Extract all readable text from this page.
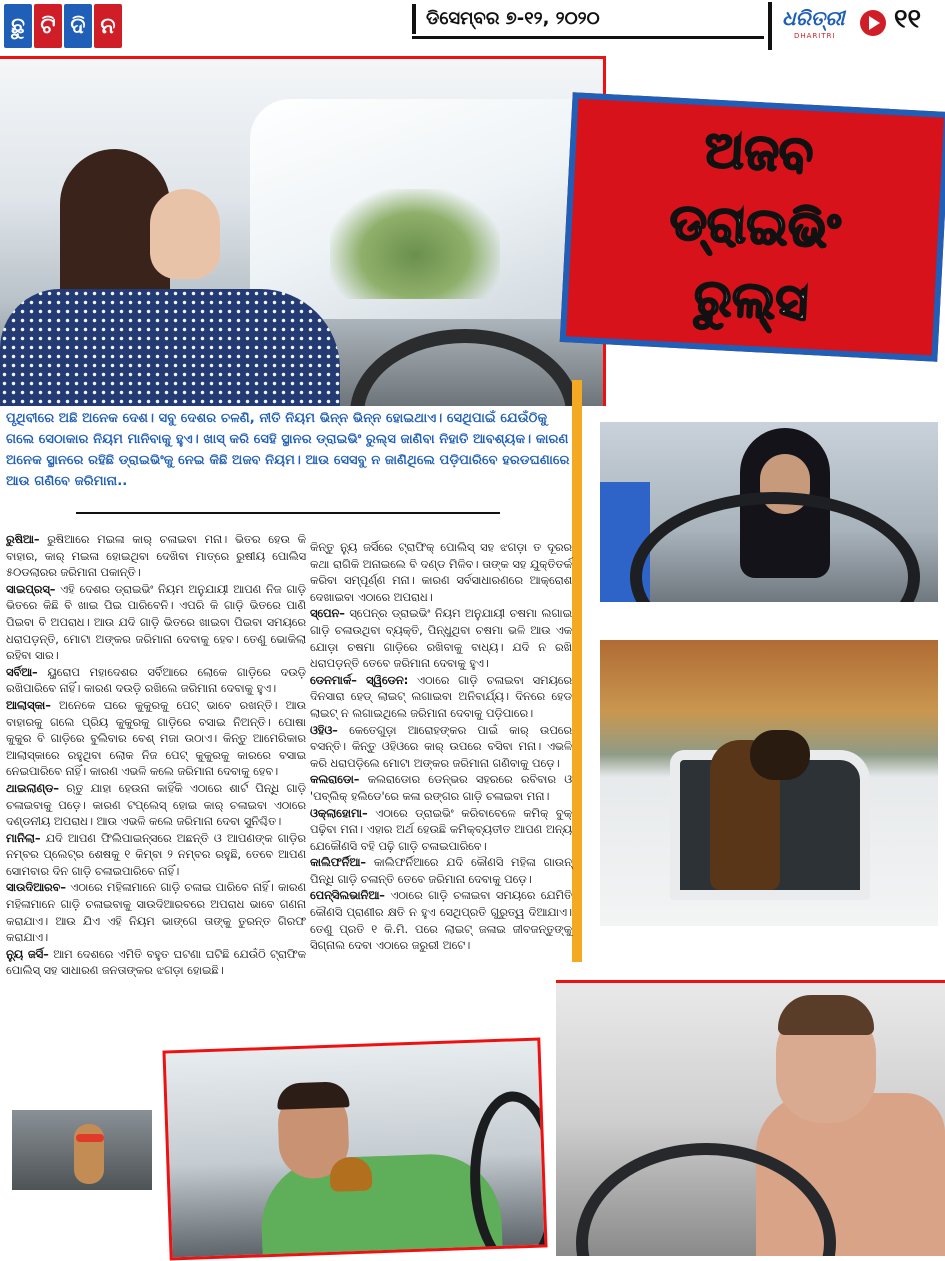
ଛୁ ଟି ଦି ନ	ଡିସେମ୍ବର ୭-୧୨, ୨୦୨୦	ଧରିତ୍ରୀ
DHARITRI
୧୧
ଅଜବ
ଡ୍ରାଇଭିଂ
ରୁଲ୍ସ
ପୃଥିବୀରେ ଅଛି ଅନେକ ଦେଶ। ସବୁ ଦେଶର ଚଳଣି, ନୀତି ନିୟମ ଭିନ୍ନ ଭିନ୍ନ ହୋଇଥାଏ। ସେଥିପାଇଁ ଯେଉଁଠିକୁ ଗଲେ ସେଠାକାର ନିୟମ ମାନିବାକୁ ହୁଏ। ଖାସ୍ କରି ସେହି ସ୍ଥାନର ଡ୍ରାଇଭିଂ ରୁଲ୍ସ ଜାଣିବା ନିହାତି ଆବଶ୍ୟକ। କାରଣ ଅନେକ ସ୍ଥାନରେ ରହିଛି ଡ୍ରାଇଭିଂକୁ ନେଇ କିଛି ଅଜବ ନିୟମ। ଆଉ ସେସବୁ ନ ଜାଣିଥିଲେ ପଡ଼ିପାରିବେ ହରଡଘଣାରେ ଆଉ ଗଣିବେ ଜରିମାନା..

ରୁଷିଆ– ରୁଷିଆରେ ମଇଳା କାର୍ ଚଳାଇବା ମନା। ଭିତର ହେଉ କି ବାହାର, କାର୍ ମଇଳା ହୋଇଥିବା ଦେଖିବା ମାତ୍ରେ ରୁଷୀୟ ପୋଲିସ ୫୦ଡଲାରର ଜରିମାନା ପକାନ୍ତି।

ସାଇପ୍ରସ୍– ଏହି ଦେଶର ଡ୍ରାଇଭିଂ ନିୟମ ଅନୁଯାୟୀ ଆପଣ ନିଜ ଗାଡ଼ି ଭିତରେ କିଛି ବି ଖାଇ ପିଇ ପାରିବେନି। ଏପରି କି ଗାଡ଼ି ଭିତରେ ପାଣି ପିଇବା ବି ଅପରାଧ। ଆଉ ଯଦି ଗାଡ଼ି ଭିତରେ ଖାଇବା ପିଇବା ସମୟରେ ଧରାପଡ଼ନ୍ତି, ମୋଟା ଅଙ୍କର ଜରିମାନା ଦେବାକୁ ହେବ। ତେଣୁ ଭୋକିଲା ରହିବା ସାର।

ସର୍ବିଆ– ୟୁରୋପ ମହାଦେଶର ସର୍ବିଆରେ ଲୋକେ ଗାଡ଼ିରେ ଦଉଡ଼ି ରଖିପାରିବେ ନାହିଁ। କାରଣ ଦଉଡ଼ି ରଖିଲେ ଜରିମାନା ଦେବାକୁ ହୁଏ।

ଆଲାସ୍କା– ଅନେକେ ଘରେ କୁକୁରକୁ ପେଟ୍ ଭାବେ ରଖନ୍ତି। ଆଉ ବାହାରକୁ ଗଲେ ପ୍ରିୟ କୁକୁରକୁ ଗାଡ଼ିରେ ବସାଇ ନିଅନ୍ତି। ପୋଷା କୁକୁର ବି ଗାଡ଼ିରେ ବୁଲିବାର ବେଶ୍ ମଜା ଉଠାଏ। କିନ୍ତୁ ଆମେରିକାର ଆଲାସ୍କାରେ ରହୁଥିବା ଲୋକ ନିଜ ପେଟ୍ କୁକୁରକୁ କାରରେ ବସାଇ ନେଇପାରିବେ ନାହିଁ। କାରଣ ଏଭଳି କଲେ ଜରିମାନା ଦେବାକୁ ହେବ।

ଥାଇଲାଣ୍ଡ– ଋତୁ ଯାହା ହେଉନା କାହିଁକି ଏଠାରେ ଶାର୍ଟ ପିନ୍ଧି ଗାଡ଼ି ଚଳାଇବାକୁ ପଡ଼େ। କାରଣ ଟପ୍‌ଲେସ୍ ହୋଇ କାର୍ ଚଳାଇବା ଏଠାରେ ଦଣ୍ଡନୀୟ ଅପରାଧ। ଆଉ ଏଭଳି କଲେ ଜରିମାନା ଦେବା ସୁନିଶ୍ଚିତ।

ମାନିଲା– ଯଦି ଆପଣ ଫିଲିପାଇନ୍ସରେ ଅଛନ୍ତି ଓ ଆପଣଙ୍କ ଗାଡ଼ିର ନମ୍ବର ପ୍ଲେଟ୍‌ର ଶେଷକୁ ୧ କିମ୍ବା ୨ ନମ୍ବର ରହୁଛି, ତେବେ ଆପଣ ସୋମବାର ଦିନ ଗାଡ଼ି ଚଳାଇପାରିବେ ନାହିଁ।

ସାଉଦିଆରବ– ଏଠାରେ ମହିଳାମାନେ ଗାଡ଼ି ଚଳାଇ ପାରିବେ ନାହିଁ। କାରଣ ମହିଳାମାନେ ଗାଡ଼ି ଚଳାଇବାକୁ ସାଉଦିଆରବରେ ଅପରାଧ ଭାବେ ଗଣନା କରାଯାଏ। ଆଉ ଯିଏ ଏହି ନିୟମ ଭାଙ୍ଗେ ତାଙ୍କୁ ତୁରନ୍ତ ଗିରଫ କରାଯାଏ।

ନ୍ୟୁ ଜର୍ସି– ଆମ ଦେଶରେ ଏମିତି ବହୁତ ଘଟଣା ଘଟିଛି ଯେଉଁଠି ଟ୍ରାଫିକ ପୋଲିସ୍ ସହ ସାଧାରଣ ଜନତାଙ୍କର ଝଗଡ଼ା ହୋଇଛି।

କିନ୍ତୁ ନ୍ୟୁ ଜର୍ସିରେ ଟ୍ରାଫିକ୍ ପୋଲିସ୍ ସହ ଝଗଡ଼ା ତ ଦୂରର କଥା ରାଗିକି ଅନାଇଲେ ବି ଦଣ୍ଡ ମିଳିବ। ତାଙ୍କ ସହ ଯୁକ୍ତିତର୍କ କରିବା ସମ୍ପୂର୍ଣ୍ଣ ମନା। କାରଣ ସର୍ବସାଧାରଣରେ ଆକ୍ରୋଶ ଦେଖାଇବା ଏଠାରେ ଅପରାଧ।

ସ୍ପେନ– ସ୍ପେନ୍‌ର ଡ୍ରାଇଭିଂ ନିୟମ ଅନୁଯାୟୀ ଚଷମା ଲଗାଇ ଗାଡ଼ି ଚଳାଉଥିବା ବ୍ୟକ୍ତି, ପିନ୍ଧୁଥିବା ଚଷମା ଭଳି ଆଉ ଏକ ଯୋଡ଼ା ଚଷମା ଗାଡ଼ିରେ ରଖିବାକୁ ବାଧ୍ୟ। ଯଦି ନ ରଖି ଧରାପଡ଼ନ୍ତି ତେବେ ଜରିମାନା ଦେବାକୁ ହୁଏ।

ଡେନମାର୍କ– ସ୍ୱିଡେନ: ଏଠାରେ ଗାଡ଼ି ଚଳାଇବା ସମୟରେ ଦିନସାରା ହେଡ୍ ଲାଇଟ୍ ଲଗାଇବା ଅନିବାର୍ଯ୍ୟ। ଦିନରେ ହେଡ ଲାଇଟ୍ ନ ଲଗାଇଥିଲେ ଜରିମାନା ଦେବାକୁ ପଡ଼ିପାରେ।

ଓହିଓ– କେତେଗୁଡ଼ା ଆରୋହଙ୍କର ପାଇଁ କାର୍ ଉପରେ ବସନ୍ତି। କିନ୍ତୁ ଓହିଓରେ କାର୍ ଉପରେ ବସିବା ମନା। ଏଭଳି କରି ଧରାପଡ଼ିଲେ ମୋଟା ଅଙ୍କର ଜରିମାନା ଗଣିବାକୁ ପଡ଼େ।

କଲରାଡୋ– କଲରାଡୋର ଡେନ୍‌ଭର ସହରରେ ରବିବାର ଓ 'ପବ୍ଲିକ୍ ହଲିଡେ'ରେ କଳା ରଙ୍ଗର ଗାଡ଼ି ଚଳାଇବା ମନା।

ଓକ୍ଲାହୋମା– ଏଠାରେ ଡ୍ରାଇଭିଂ କରିବାବେଳେ କମିକ୍ ବୁକ୍ ପଢ଼ିବା ମନା। ଏହାର ଅର୍ଥ ହେଉଛି କମିକ୍‌ବ୍ୟତୀତ ଆପଣ ଅନ୍ୟ ଯେକୌଣସି ବହି ପଢ଼ି ଗାଡ଼ି ଚଳାଇପାରିବେ।

କାଲିଫର୍ନିଆ– କାଲିଫର୍ନିଆରେ ଯଦି କୌଣସି ମହିଳା ଗାଉନ୍ ପିନ୍ଧି ଗାଡ଼ି ଚଳାନ୍ତି ତେବେ ଜରିମାନା ଦେବାକୁ ପଡ଼େ।

ପେନ୍‌ସିଲଭାନିଆ– ଏଠାରେ ଗାଡ଼ି ଚଳାଇବା ସମୟରେ ଯେମିତି କୌଣସି ପ୍ରାଣୀର କ୍ଷତି ନ ହୁଏ ସେଥିପ୍ରତି ଗୁରୁତ୍ୱ ଦିଆଯାଏ। ତେଣୁ ପ୍ରତି ୧ କି.ମି. ପରେ ଲାଇଟ୍ ଜଳାଇ ଜୀବଜନ୍ତୁଙ୍କୁ ସିଗ୍‌ନାଲ ଦେବା ଏଠାରେ ଜରୁରୀ ଅଟେ।
